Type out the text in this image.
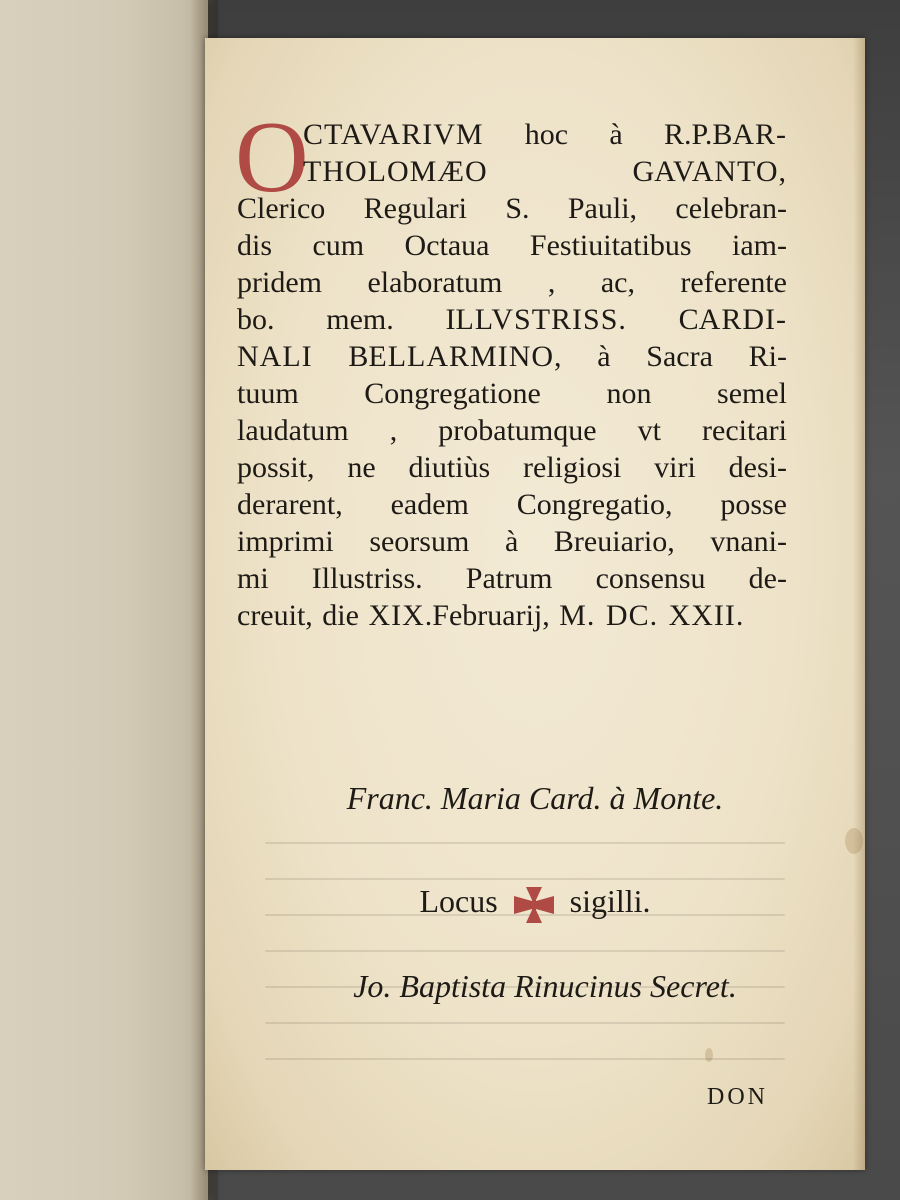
O
CTAVARIVM hoc à R.P.BAR-
THOLOMÆO GAVANTO,
Clerico Regulari S. Pauli, celebran-
dis cum Octaua Festiuitatibus iam-
pridem elaboratum , ac, referente
bo. mem. ILLVSTRISS. CARDI-
NALI BELLARMINO, à Sacra Ri-
tuum Congregatione non semel
laudatum , probatumque vt recitari
possit, ne diutiùs religiosi viri desi-
derarent, eadem Congregatio, posse
imprimi seorsum à Breuiario, vnani-
mi Illustriss. Patrum consensu de-
creuit, die XIX.Februarij, M. DC. XXII.
Franc. Maria Card. à Monte.
Locus sigilli.
Jo. Baptista Rinucinus Secret.
DON
